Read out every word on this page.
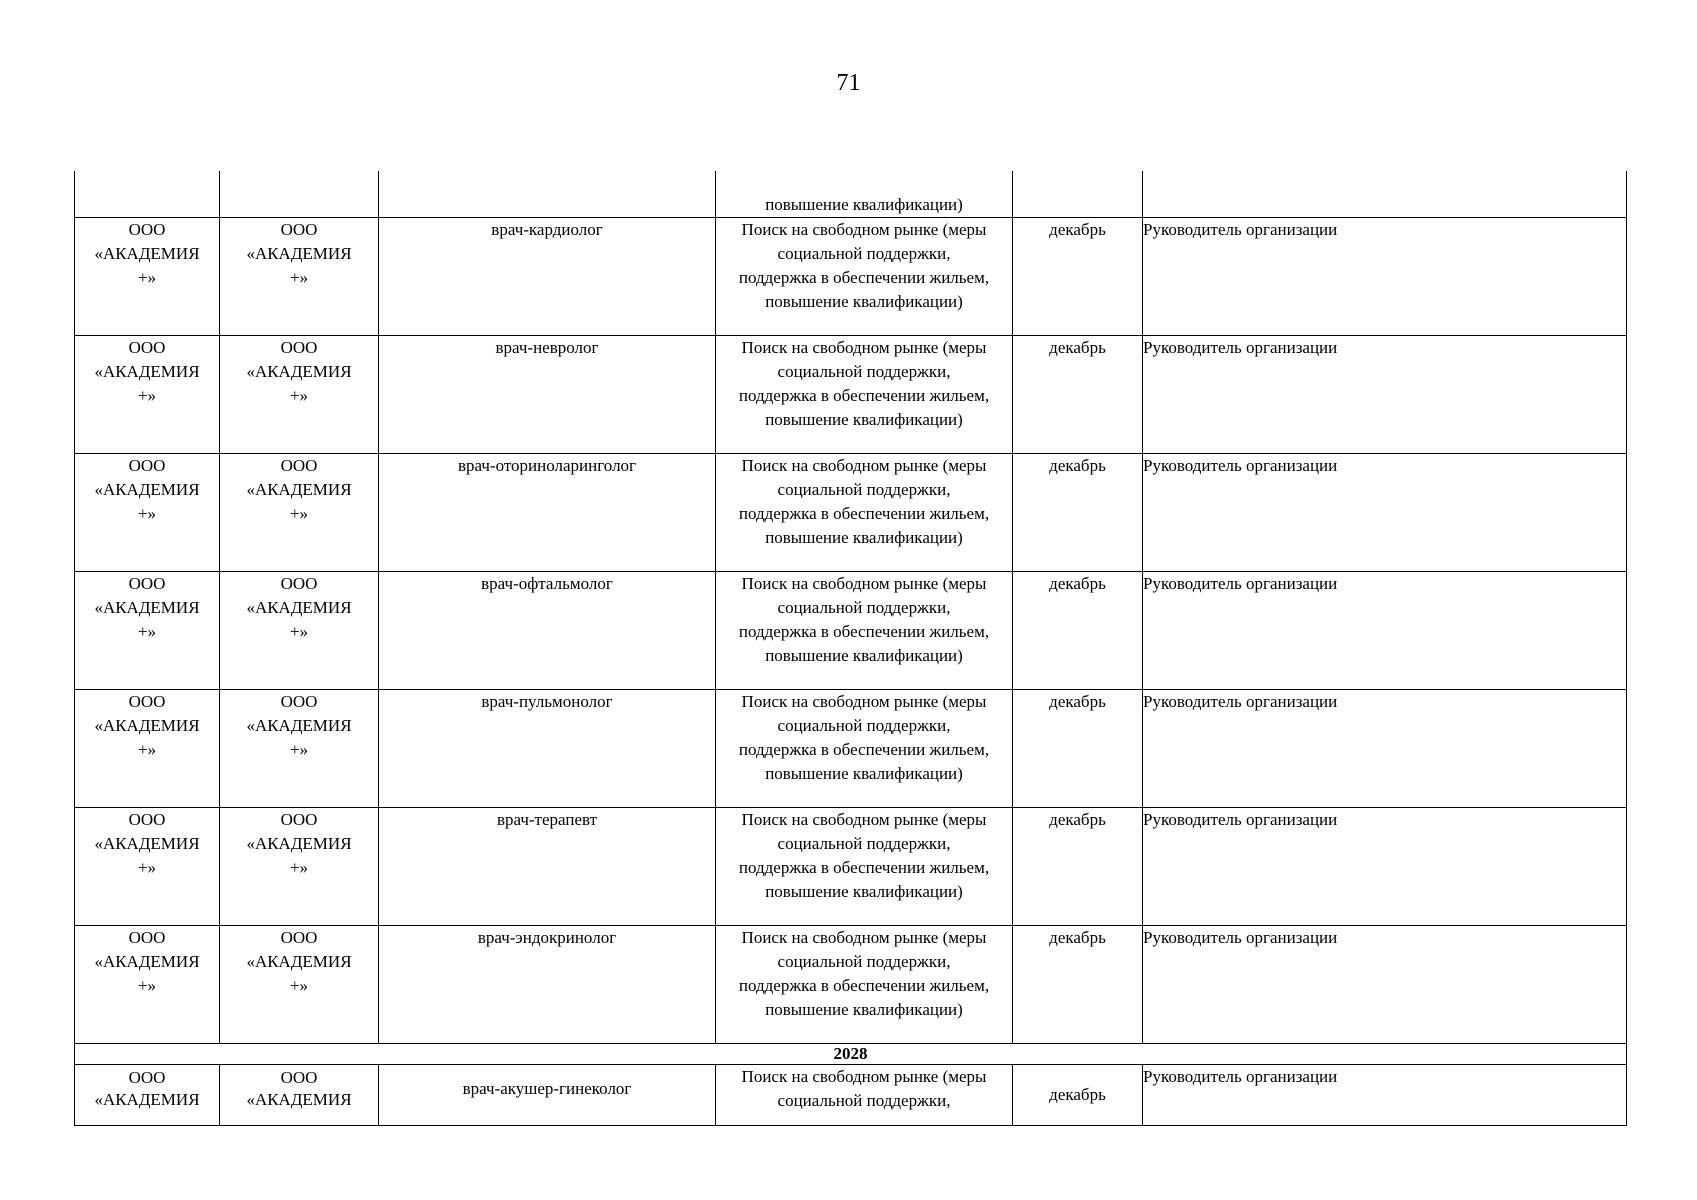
71
			повышение квалификации)		

ООО
«АКАДЕМИЯ
+»	ООО
«АКАДЕМИЯ
+»	врач-кардиолог	Поиск на свободном рынке (меры
социальной поддержки,
поддержка в обеспечении жильем,
повышение квалификации)	декабрь	Руководитель организации

ООО
«АКАДЕМИЯ
+»	ООО
«АКАДЕМИЯ
+»	врач-невролог	Поиск на свободном рынке (меры
социальной поддержки,
поддержка в обеспечении жильем,
повышение квалификации)	декабрь	Руководитель организации

ООО
«АКАДЕМИЯ
+»	ООО
«АКАДЕМИЯ
+»	врач-оториноларинголог	Поиск на свободном рынке (меры
социальной поддержки,
поддержка в обеспечении жильем,
повышение квалификации)	декабрь	Руководитель организации

ООО
«АКАДЕМИЯ
+»	ООО
«АКАДЕМИЯ
+»	врач-офтальмолог	Поиск на свободном рынке (меры
социальной поддержки,
поддержка в обеспечении жильем,
повышение квалификации)	декабрь	Руководитель организации

ООО
«АКАДЕМИЯ
+»	ООО
«АКАДЕМИЯ
+»	врач-пульмонолог	Поиск на свободном рынке (меры
социальной поддержки,
поддержка в обеспечении жильем,
повышение квалификации)	декабрь	Руководитель организации

ООО
«АКАДЕМИЯ
+»	ООО
«АКАДЕМИЯ
+»	врач-терапевт	Поиск на свободном рынке (меры
социальной поддержки,
поддержка в обеспечении жильем,
повышение квалификации)	декабрь	Руководитель организации

ООО
«АКАДЕМИЯ
+»	ООО
«АКАДЕМИЯ
+»	врач-эндокринолог	Поиск на свободном рынке (меры
социальной поддержки,
поддержка в обеспечении жильем,
повышение квалификации)	декабрь	Руководитель организации
2028					

ООО
«АКАДЕМИЯ	ООО
«АКАДЕМИЯ	врач-акушер-гинеколог	Поиск на свободном рынке (меры
социальной поддержки,	декабрь	Руководитель организации
